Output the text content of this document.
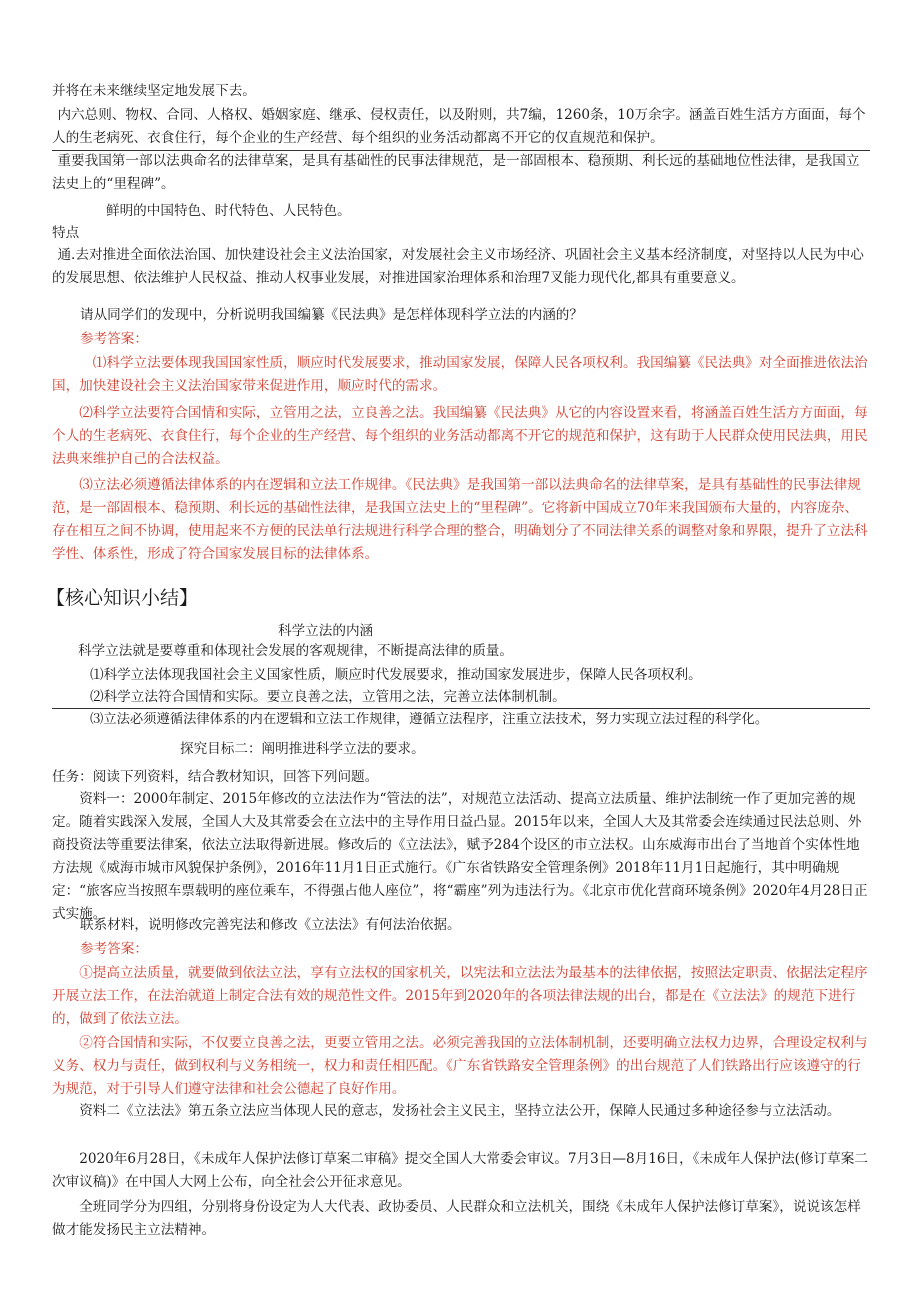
并将在未来继续坚定地发展下去。

内六总则、物权、合同、人格权、婚姻家庭、继承、侵权责任，以及附则，共7编，1260条，10万余字。涵盖百姓生活方方面面，每个人的生老病死、衣食住行，每个企业的生产经营、每个组织的业务活动都离不开它的仅直规范和保护。

重要我国第一部以法典命名的法律草案，是具有基础性的民事法律规范，是一部固根本、稳预期、利长远的基础地位性法律，是我国立法史上的“里程碑”。

鲜明的中国特色、时代特色、人民特色。

特点

通.去对推进全面依法治国、加快建设社会主义法治国家，对发展社会主义市场经济、巩固社会主义基本经济制度，对坚持以人民为中心的发展思想、依法维护人民权益、推动人权事业发展，对推进国家治理体系和治理7叉能力现代化,都具有重要意义。

请从同学们的发现中，分析说明我国编纂《民法典》是怎样体现科学立法的内涵的？

参考答案：

⑴科学立法要体现我国国家性质，顺应时代发展要求，推动国家发展，保障人民各项权利。我国编纂《民法典》对全面推进依法治国，加快建设社会主义法治国家带来促进作用，顺应时代的需求。

⑵科学立法要符合国情和实际，立管用之法，立良善之法。我国编纂《民法典》从它的内容设置来看，将涵盖百姓生活方方面面，每个人的生老病死、衣食住行，每个企业的生产经营、每个组织的业务活动都离不开它的规范和保护，这有助于人民群众使用民法典，用民法典来维护自己的合法权益。

⑶立法必须遵循法律体系的内在逻辑和立法工作规律。《民法典》是我国第一部以法典命名的法律草案，是具有基础性的民事法律规范，是一部固根本、稳预期、利长远的基础性法律，是我国立法史上的“里程碑”。它将新中国成立70年来我国颁布大量的，内容庞杂、存在相互之间不协调，使用起来不方便的民法单行法规进行科学合理的整合，明确划分了不同法律关系的调整对象和界限，提升了立法科学性、体系性，形成了符合国家发展目标的法律体系。

【核心知识小结】

科学立法的内涵

科学立法就是要尊重和体现社会发展的客观规律，不断提高法律的质量。

⑴科学立法体现我国社会主义国家性质，顺应时代发展要求，推动国家发展进步，保障人民各项权利。

⑵科学立法符合国情和实际。要立良善之法，立管用之法，完善立法体制机制。

⑶立法必须遵循法律体系的内在逻辑和立法工作规律，遵循立法程序，注重立法技术，努力实现立法过程的科学化。

探究目标二：阐明推进科学立法的要求。

任务：阅读下列资料，结合教材知识，回答下列问题。

资料一：2000年制定、2015年修改的立法法作为“管法的法”，对规范立法活动、提高立法质量、维护法制统一作了更加完善的规定。随着实践深入发展，全国人大及其常委会在立法中的主导作用日益凸显。2015年以来，全国人大及其常委会连续通过民法总则、外商投资法等重要法律案，依法立法取得新进展。修改后的《立法法》，赋予284个设区的市立法权。山东威海市出台了当地首个实体性地方法规《威海市城市风貌保护条例》，2016年11月1日正式施行。《广东省铁路安全管理条例》2018年11月1日起施行，其中明确规定：“旅客应当按照车票载明的座位乘车，不得强占他人座位”，将“霸座”列为违法行为。《北京市优化营商环境条例》2020年4月28日正式实施。

联系材料，说明修改完善宪法和修改《立法法》有何法治依据。

参考答案：

①提高立法质量，就要做到依法立法，享有立法权的国家机关，以宪法和立法法为最基本的法律依据，按照法定职责、依据法定程序开展立法工作，在法治就道上制定合法有效的规范性文件。2015年到2020年的各项法律法规的出台，都是在《立法法》的规范下进行的，做到了依法立法。

②符合国情和实际，不仅要立良善之法，更要立管用之法。必须完善我国的立法体制机制，还要明确立法权力边界，合理设定权利与义务、权力与责任，做到权利与义务相统一，权力和责任相匹配。《广东省铁路安全管理条例》的出台规范了人们铁路出行应该遵守的行为规范，对于引导人们遵守法律和社会公德起了良好作用。

资料二《立法法》第五条立法应当体现人民的意志，发扬社会主义民主，坚持立法公开，保障人民通过多种途径参与立法活动。

2020年6月28日，《未成年人保护法修订草案二审稿》提交全国人大常委会审议。7月3日—8月16日，《未成年人保护法(修订草案二次审议稿)》在中国人大网上公布，向全社会公开征求意见。

全班同学分为四组，分别将身份设定为人大代表、政协委员、人民群众和立法机关，围绕《未成年人保护法修订草案》，说说该怎样做才能发扬民主立法精神。
